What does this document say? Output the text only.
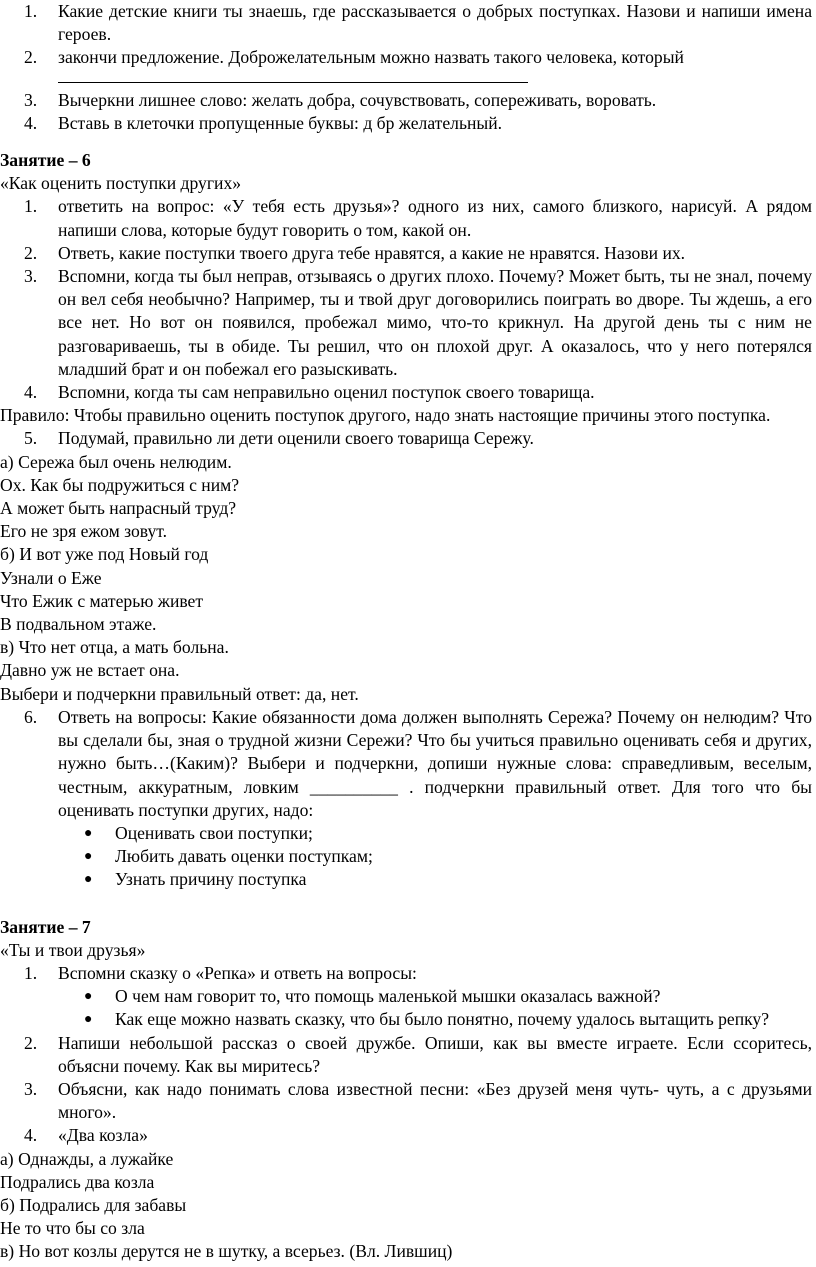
1. Какие детские книги ты знаешь, где рассказывается о добрых поступках. Назови и напиши имена героев.
2. закончи предложение. Доброжелательным можно назвать такого человека, который
3. Вычеркни лишнее слово: желать добра, сочувствовать, сопереживать, воровать.
4. Вставь в клеточки пропущенные буквы: д бр желательный.
Занятие – 6
«Как оценить поступки других»
1. ответить на вопрос: «У тебя есть друзья»? одного из них, самого близкого, нарисуй. А рядом напиши слова, которые будут говорить о том, какой он.
2. Ответь, какие поступки твоего друга тебе нравятся, а какие не нравятся. Назови их.
3. Вспомни, когда ты был неправ, отзываясь о других плохо. Почему? Может быть, ты не знал, почему он вел себя необычно? Например, ты и твой друг договорились поиграть во дворе. Ты ждешь, а его все нет. Но вот он появился, пробежал мимо, что-то крикнул. На другой день ты с ним не разговариваешь, ты в обиде. Ты решил, что он плохой друг. А оказалось, что у него потерялся младший брат и он побежал его разыскивать.
4. Вспомни, когда ты сам неправильно оценил поступок своего товарища.
Правило: Чтобы правильно оценить поступок другого, надо знать настоящие причины этого поступка.
5. Подумай, правильно ли дети оценили своего товарища Сережу.
а) Сережа был очень нелюдим.
Ох. Как бы подружиться с ним?
А может быть напрасный труд?
Его не зря ежом зовут.
б) И вот уже под Новый год
Узнали о Еже
Что Ежик с матерью живет
В подвальном этаже.
в) Что нет отца, а мать больна.
Давно уж не встает она.
Выбери и подчеркни правильный ответ: да, нет.
6. Ответь на вопросы: Какие обязанности дома должен выполнять Сережа? Почему он нелюдим? Что вы сделали бы, зная о трудной жизни Сережи? Что бы учиться правильно оценивать себя и других, нужно быть…(Каким)? Выбери и подчеркни, допиши нужные слова: справедливым, веселым, честным, аккуратным, ловким __________ . подчеркни правильный ответ. Для того что бы оценивать поступки других, надо:
● Оценивать свои поступки;
● Любить давать оценки поступкам;
● Узнать причину поступка
Занятие – 7
«Ты и твои друзья»
1. Вспомни сказку о «Репка» и ответь на вопросы:
● О чем нам говорит то, что помощь маленькой мышки оказалась важной?
● Как еще можно назвать сказку, что бы было понятно, почему удалось вытащить репку?
2. Напиши небольшой рассказ о своей дружбе. Опиши, как вы вместе играете. Если ссоритесь, объясни почему. Как вы миритесь?
3. Объясни, как надо понимать слова известной песни: «Без друзей меня чуть- чуть, а с друзьями много».
4. «Два козла»
а) Однажды, а лужайке
Подрались два козла
б) Подрались для забавы
Не то что бы со зла
в) Но вот козлы дерутся не в шутку, а всерьез. (Вл. Лившиц)
